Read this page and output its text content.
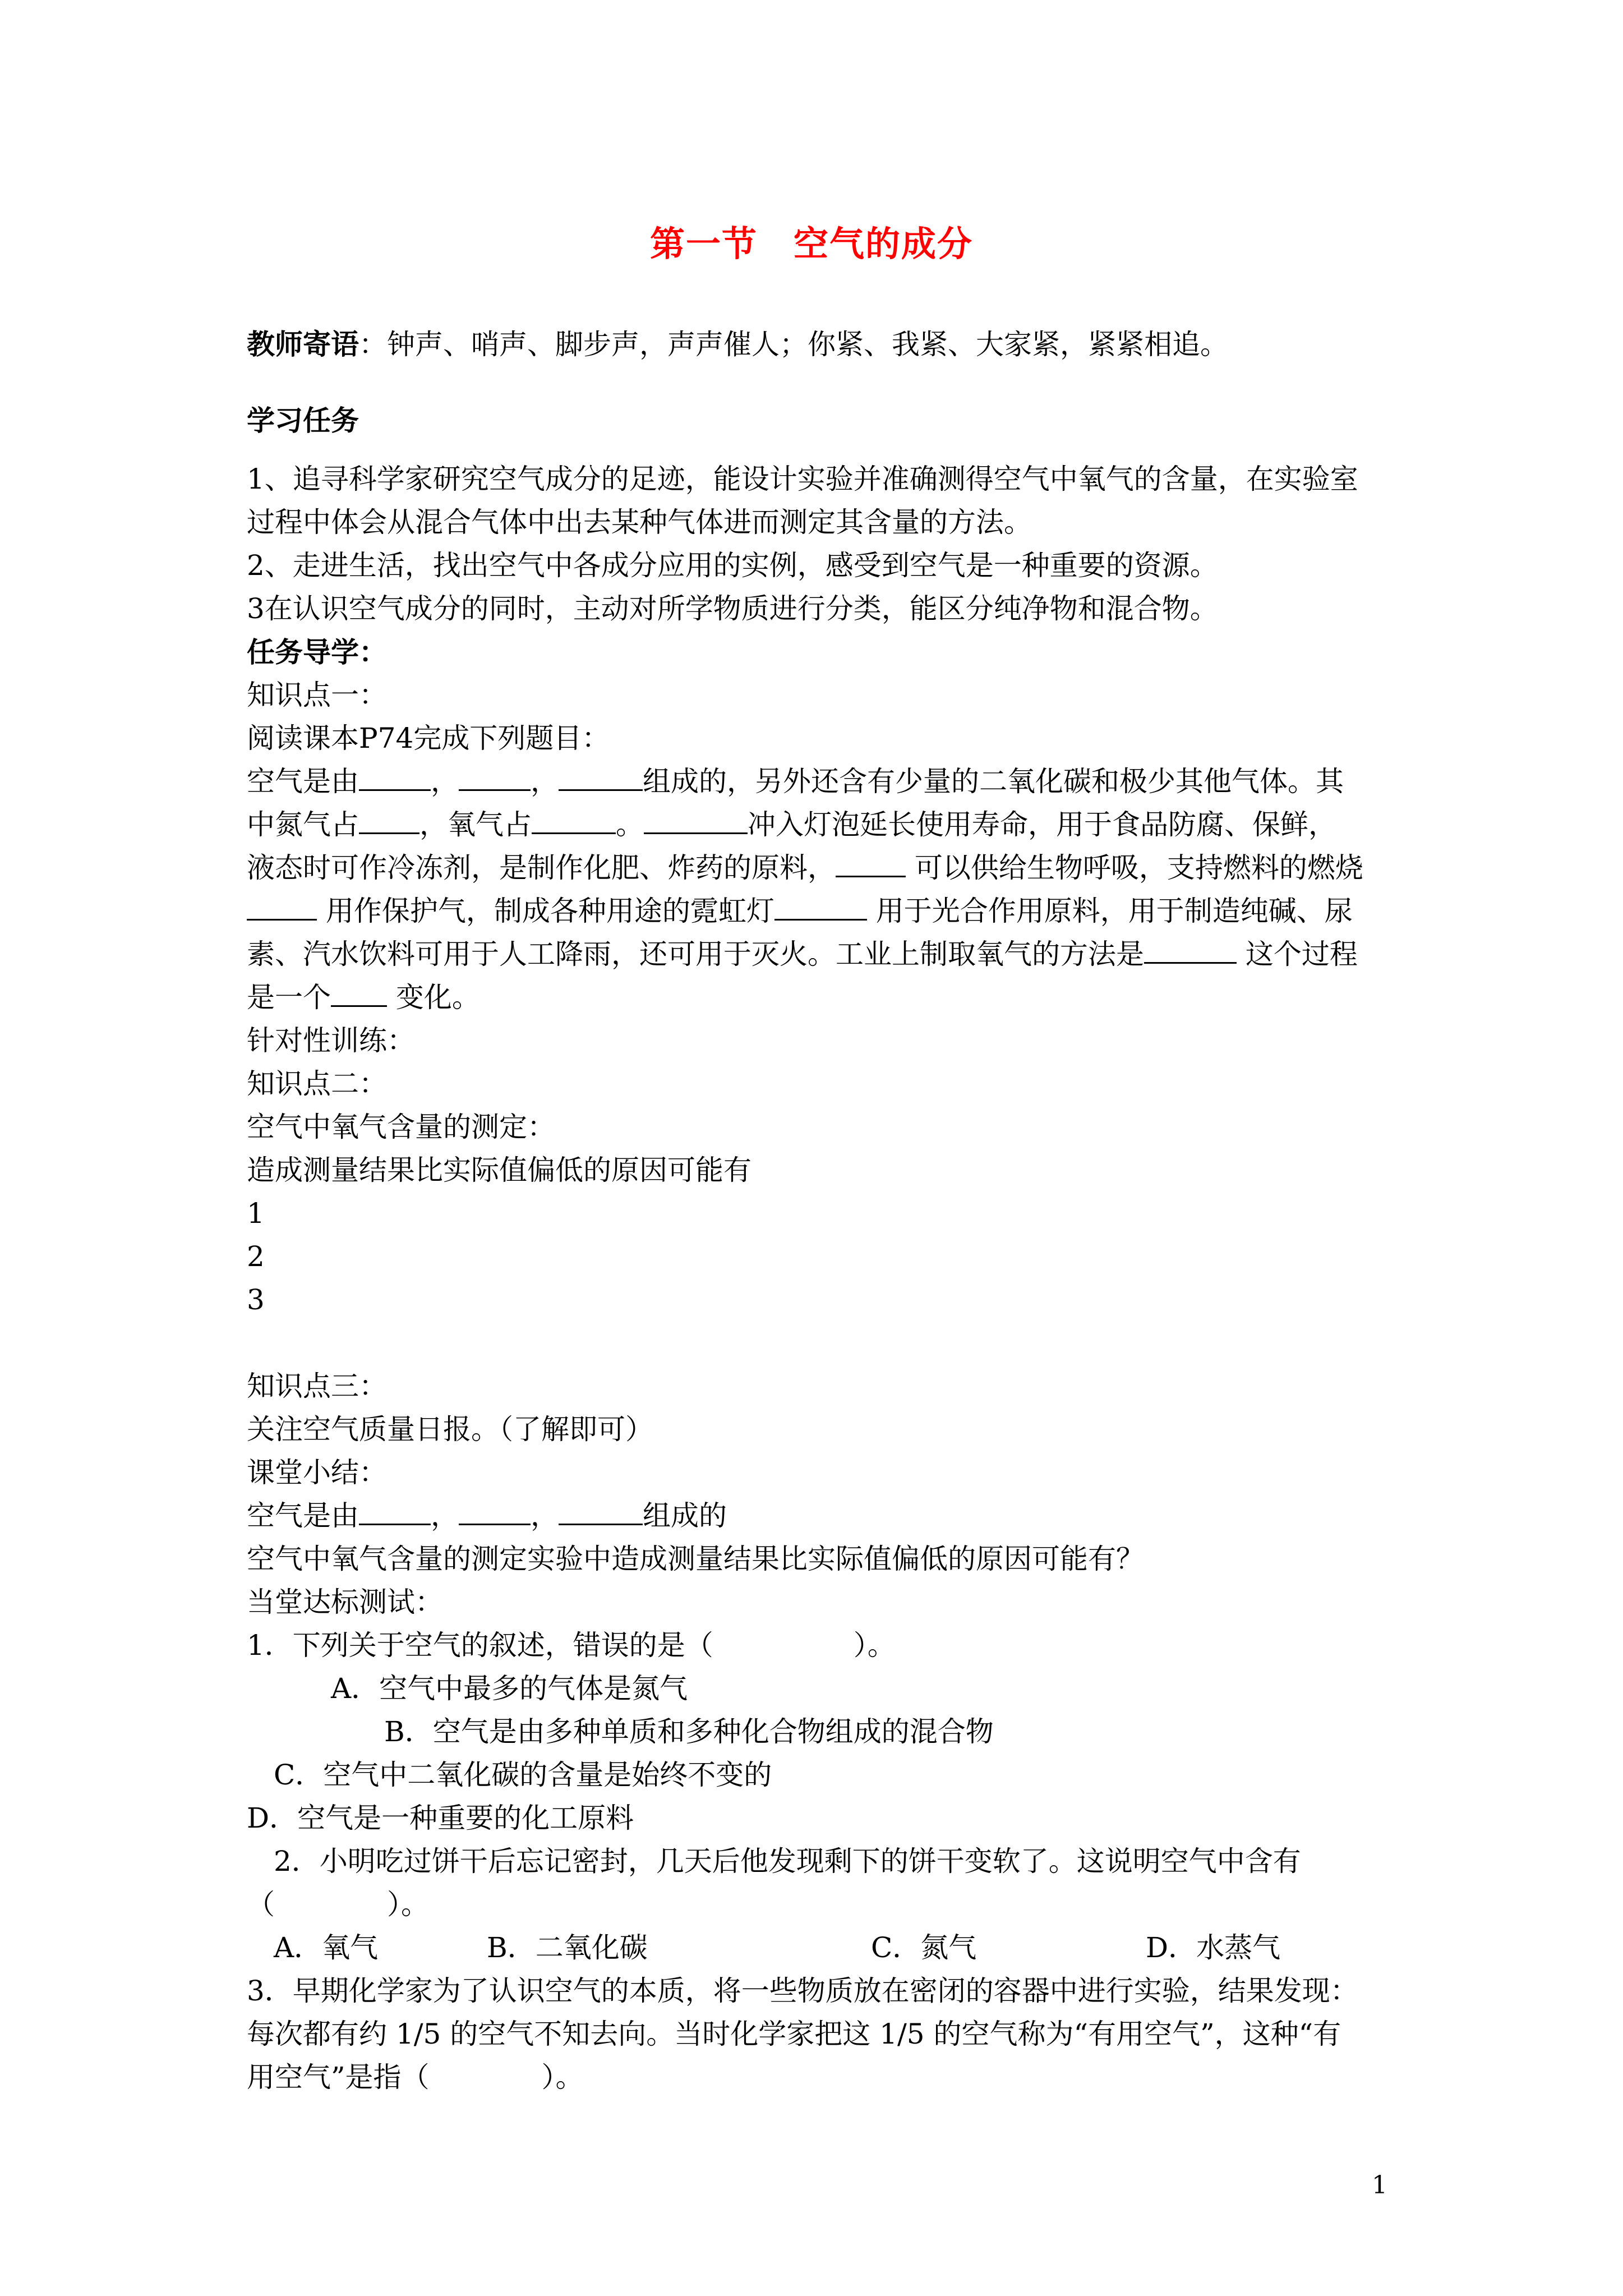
第一节　空气的成分
教师寄语：钟声、哨声、脚步声，声声催人；你紧、我紧、大家紧，紧紧相追。
学习任务
1、追寻科学家研究空气成分的足迹，能设计实验并准确测得空气中氧气的含量，在实验室
过程中体会从混合气体中出去某种气体进而测定其含量的方法。
2、走进生活，找出空气中各成分应用的实例，感受到空气是一种重要的资源。
3在认识空气成分的同时，主动对所学物质进行分类，能区分纯净物和混合物。
任务导学：
知识点一：
阅读课本P74完成下列题目：
空气是由	，	，	组成的，另外还含有少量的二氧化碳和极少其他气体。其
中氮气占 ，氧气占	。	冲入灯泡延长使用寿命，用于食品防腐、保鲜，
液态时可作冷冻剂，是制作化肥、炸药的原料，	可以供给生物呼吸，支持燃料的燃烧
用作保护气，制成各种用途的霓虹灯	用于光合作用原料，用于制造纯碱、尿
素、汽水饮料可用于人工降雨，还可用于灭火。工业上制取氧气的方法是	这个过程
是一个 变化。
针对性训练：
知识点二：
空气中氧气含量的测定：
造成测量结果比实际值偏低的原因可能有
1
2
3
知识点三：
关注空气质量日报。（了解即可）
课堂小结：
空气是由	，	，	组成的
空气中氧气含量的测定实验中造成测量结果比实际值偏低的原因可能有？
当堂达标测试：
1．下列关于空气的叙述，错误的是（　　　　　）。
A．空气中最多的气体是氮气
B．空气是由多种单质和多种化合物组成的混合物
C．空气中二氧化碳的含量是始终不变的
D．空气是一种重要的化工原料
2．小明吃过饼干后忘记密封，几天后他发现剩下的饼干变软了。这说明空气中含有
（　　　　）。
A．氧气	B．二氧化碳	C．氮气	D．水蒸气
3．早期化学家为了认识空气的本质，将一些物质放在密闭的容器中进行实验，结果发现：
每次都有约 1/5 的空气不知去向。当时化学家把这 1/5 的空气称为“有用空气”，这种“有
用空气”是指（　　　　）。
1
